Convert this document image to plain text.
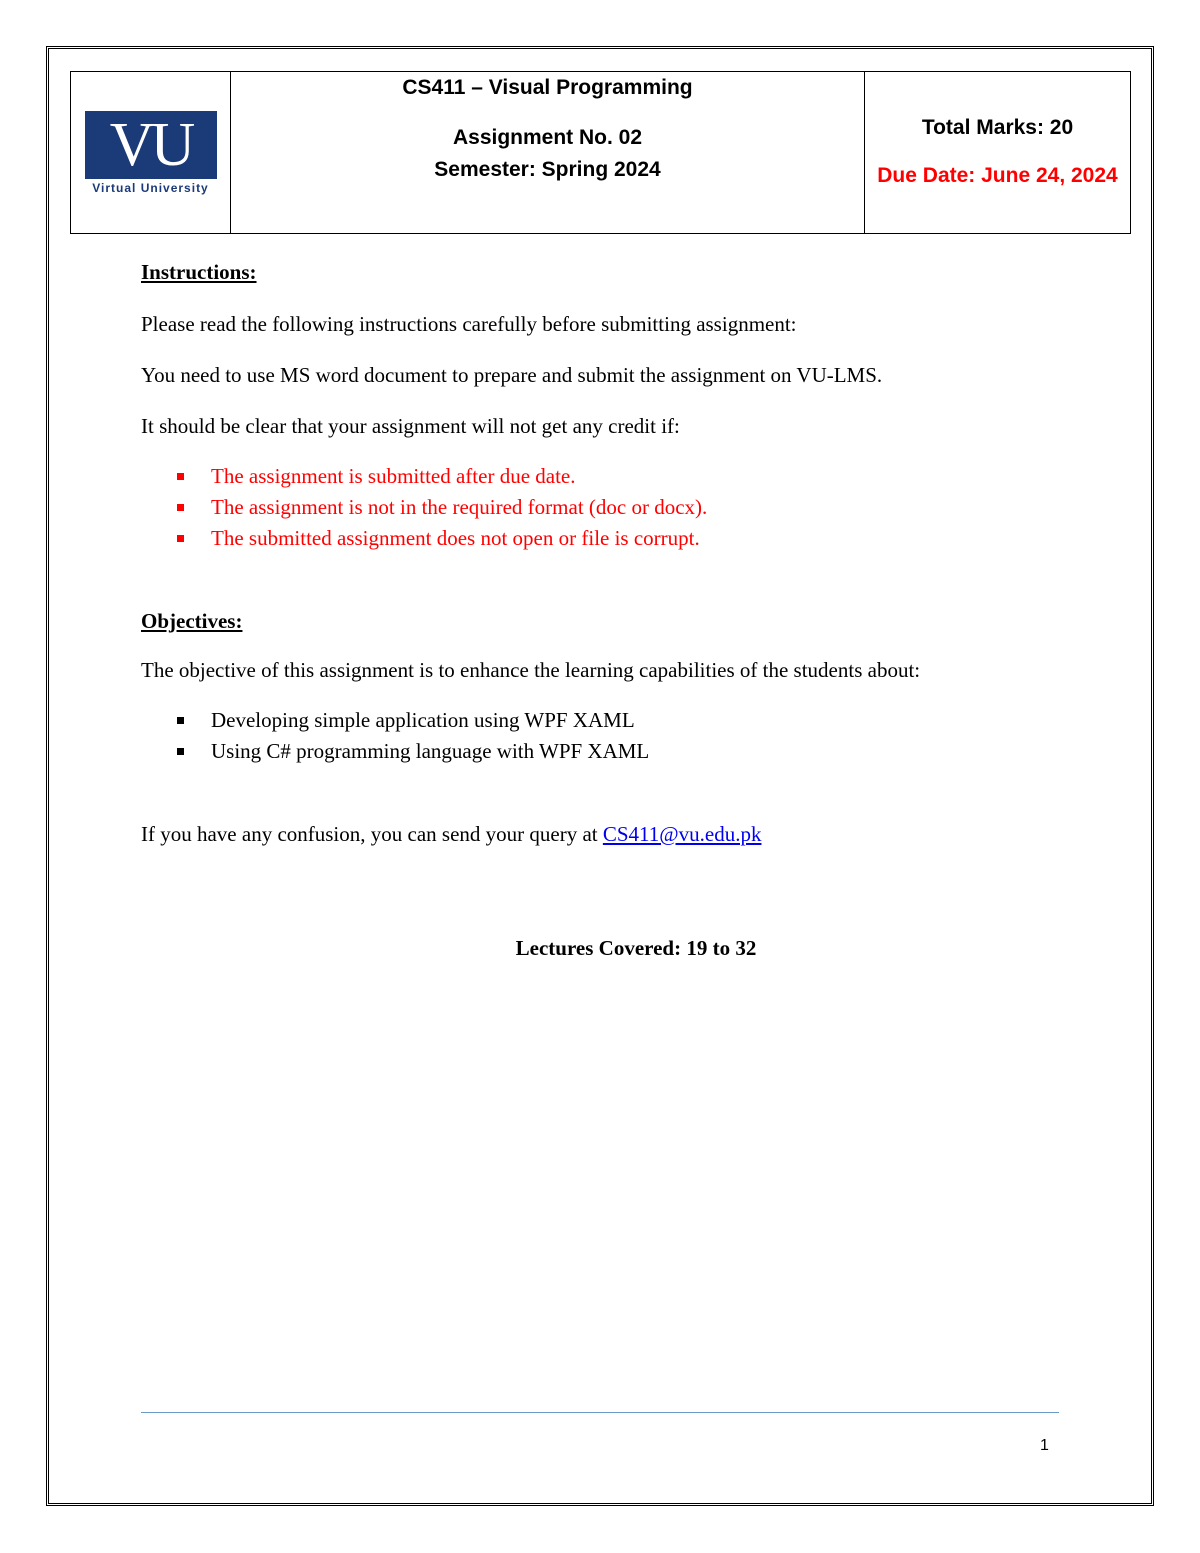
VU
Virtual University
CS411 – Visual Programming
Assignment No. 02
Semester: Spring 2024
Total Marks: 20
Due Date: June 24, 2024

Instructions:

Please read the following instructions carefully before submitting assignment:

You need to use MS word document to prepare and submit the assignment on VU-LMS.

It should be clear that your assignment will not get any credit if:

The assignment is submitted after due date.
The assignment is not in the required format (doc or docx).
The submitted assignment does not open or file is corrupt.

Objectives:

The objective of this assignment is to enhance the learning capabilities of the students about:

Developing simple application using WPF XAML
Using C# programming language with WPF XAML

If you have any confusion, you can send your query at CS411@vu.edu.pk

Lectures Covered: 19 to 32

1
